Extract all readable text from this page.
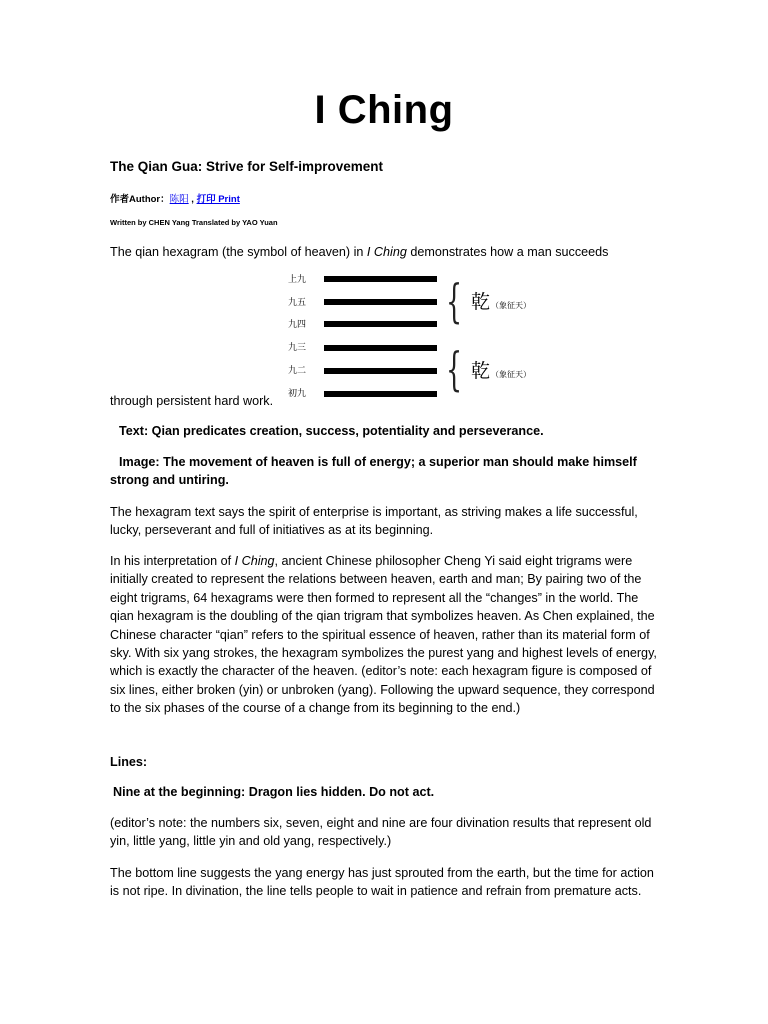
I Ching
The Qian Gua: Strive for Self-improvement
作者Author：陈阳 , 打印 Print
Written by CHEN Yang Translated by YAO Yuan
The qian hexagram (the symbol of heaven) in I Ching demonstrates how a man succeeds
上九
九五
九四
九三
九二
初九
{ 乾 （象征天）
{ 乾 （象征天）
through persistent hard work.
Text: Qian predicates creation, success, potentiality and perseverance.
Image: The movement of heaven is full of energy; a superior man should make himself strong and untiring.
The hexagram text says the spirit of enterprise is important, as striving makes a life successful, lucky, perseverant and full of initiatives as at its beginning.
In his interpretation of I Ching, ancient Chinese philosopher Cheng Yi said eight trigrams were initially created to represent the relations between heaven, earth and man; By pairing two of the eight trigrams, 64 hexagrams were then formed to represent all the “changes” in the world. The qian hexagram is the doubling of the qian trigram that symbolizes heaven. As Chen explained, the Chinese character “qian” refers to the spiritual essence of heaven, rather than its material form of sky. With six yang strokes, the hexagram symbolizes the purest yang and highest levels of energy, which is exactly the character of the heaven. (editor’s note: each hexagram figure is composed of six lines, either broken (yin) or unbroken (yang). Following the upward sequence, they correspond to the six phases of the course of a change from its beginning to the end.)
Lines:
Nine at the beginning: Dragon lies hidden. Do not act.
(editor’s note: the numbers six, seven, eight and nine are four divination results that represent old yin, little yang, little yin and old yang, respectively.)
The bottom line suggests the yang energy has just sprouted from the earth, but the time for action is not ripe. In divination, the line tells people to wait in patience and refrain from premature acts.
